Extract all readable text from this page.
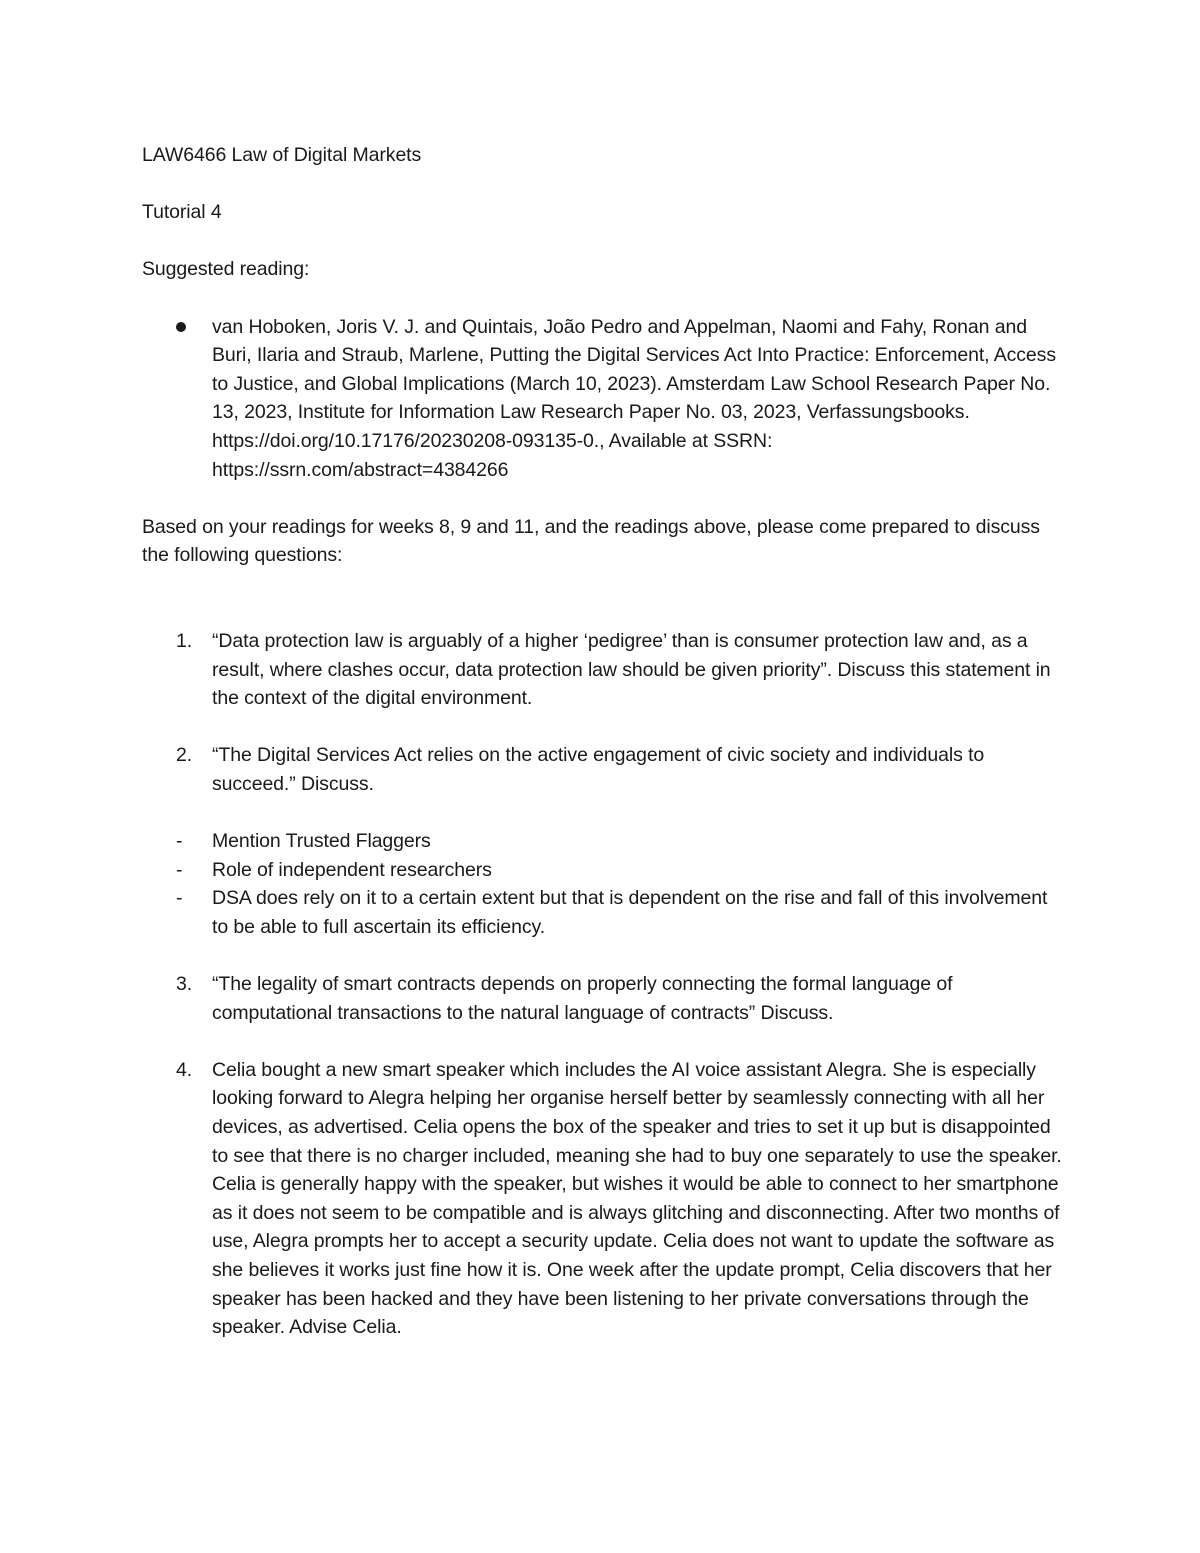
LAW6466 Law of Digital Markets

Tutorial 4

Suggested reading:

van Hoboken, Joris V. J. and Quintais, João Pedro and Appelman, Naomi and Fahy, Ronan and Buri, Ilaria and Straub, Marlene, Putting the Digital Services Act Into Practice: Enforcement, Access to Justice, and Global Implications (March 10, 2023). Amsterdam Law School Research Paper No. 13, 2023, Institute for Information Law Research Paper No. 03, 2023, Verfassungsbooks. https://doi.org/10.17176/20230208-093135-0., Available at SSRN: https://ssrn.com/abstract=4384266

Based on your readings for weeks 8, 9 and 11, and the readings above, please come prepared to discuss the following questions:

1. “Data protection law is arguably of a higher ‘pedigree’ than is consumer protection law and, as a result, where clashes occur, data protection law should be given priority”. Discuss this statement in the context of the digital environment.
2. “The Digital Services Act relies on the active engagement of civic society and individuals to succeed.” Discuss.
- Mention Trusted Flaggers
- Role of independent researchers
- DSA does rely on it to a certain extent but that is dependent on the rise and fall of this involvement to be able to full ascertain its efficiency.
3. “The legality of smart contracts depends on properly connecting the formal language of computational transactions to the natural language of contracts” Discuss.
4. Celia bought a new smart speaker which includes the AI voice assistant Alegra. She is especially looking forward to Alegra helping her organise herself better by seamlessly connecting with all her devices, as advertised. Celia opens the box of the speaker and tries to set it up but is disappointed to see that there is no charger included, meaning she had to buy one separately to use the speaker. Celia is generally happy with the speaker, but wishes it would be able to connect to her smartphone as it does not seem to be compatible and is always glitching and disconnecting. After two months of use, Alegra prompts her to accept a security update. Celia does not want to update the software as she believes it works just fine how it is. One week after the update prompt, Celia discovers that her speaker has been hacked and they have been listening to her private conversations through the speaker. Advise Celia.
